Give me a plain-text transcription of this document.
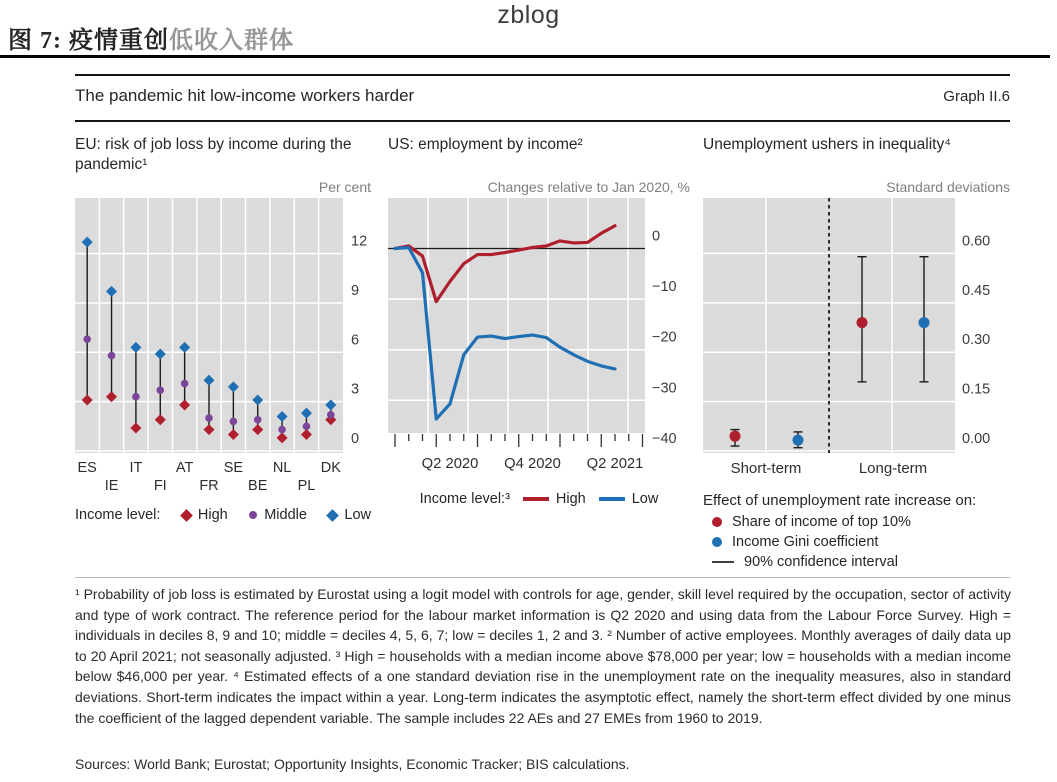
zblog
图 7: 疫情重创低收入群体
The pandemic hit low-income workers harder	Graph II.6
EU: risk of job loss by income during the pandemic¹
Per cent
0
3
6
9
12
ES
IE
IT
FI
AT
FR
SE
BE
NL
PL
DK
US: employment by income²
Changes relative to Jan 2020, %
0
−10
−20
−30
−40
Q2 2020 Q4 2020 Q2 2021
Unemployment ushers in inequality⁴
Standard deviations
0.00
0.15
0.30
0.45
0.60
Short-term	Long-term
Income level:	High	Middle	Low
Income level:³	High	Low	Effect of unemployment rate increase on:
Share of income of top 10%
Income Gini coefficient
90% confidence interval
¹ Probability of job loss is estimated by Eurostat using a logit model with controls for age, gender, skill level required by the occupation, sector of activity and type of work contract. The reference period for the labour market information is Q2 2020 and using data from the Labour Force Survey. High = individuals in deciles 8, 9 and 10; middle = deciles 4, 5, 6, 7; low = deciles 1, 2 and 3. ² Number of active employees. Monthly averages of daily data up to 20 April 2021; not seasonally adjusted. ³ High = households with a median income above $78,000 per year; low = households with a median income below $46,000 per year. ⁴ Estimated effects of a one standard deviation rise in the unemployment rate on the inequality measures, also in standard deviations. Short-term indicates the impact within a year. Long-term indicates the asymptotic effect, namely the short-term effect divided by one minus the coefficient of the lagged dependent variable. The sample includes 22 AEs and 27 EMEs from 1960 to 2019.
Sources: World Bank; Eurostat; Opportunity Insights, Economic Tracker; BIS calculations.
